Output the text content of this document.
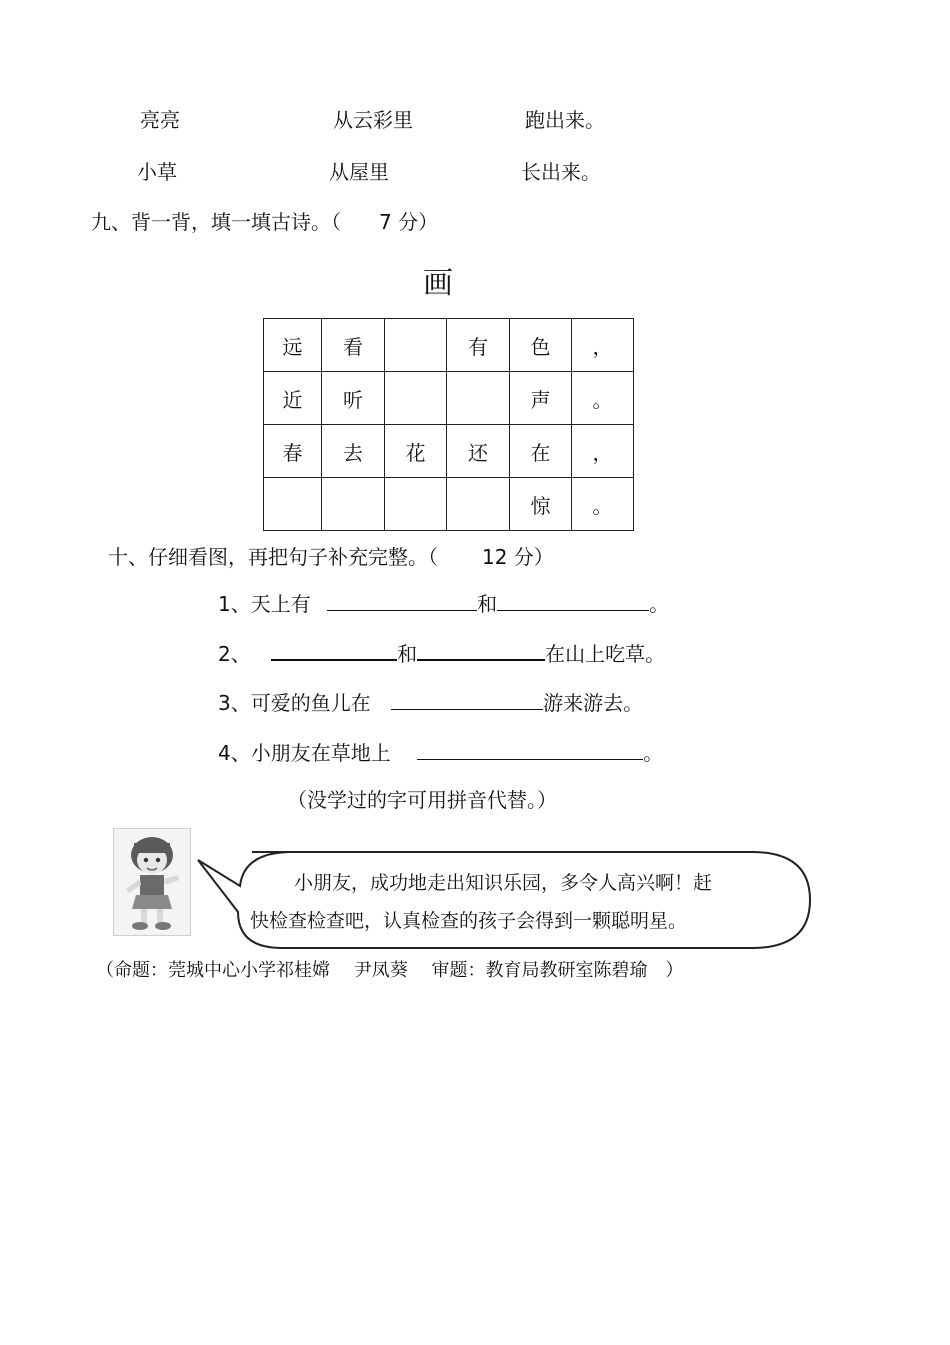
亮亮	从云彩里	跑出来。
小草	从屋里	长出来。
九、背一背，填一填古诗。（ 7 分）
画
远	看		有	色	，
近	听			声	。
春	去	花	还	在	，
				惊	。
十、仔细看图，再把句子补充完整。（ 12 分）
1、天上有	和	。
2、	和	在山上吃草。
3、可爱的鱼儿在	游来游去。
4、小朋友在草地上	。
（没学过的字可用拼音代替。）
小朋友，成功地走出知识乐园，多令人高兴啊！赶
快检查检查吧，认真检查的孩子会得到一颗聪明星。
（命题：莞城中心小学祁桂嫦　 尹凤葵　 审题：教育局教研室陈碧瑜　）
